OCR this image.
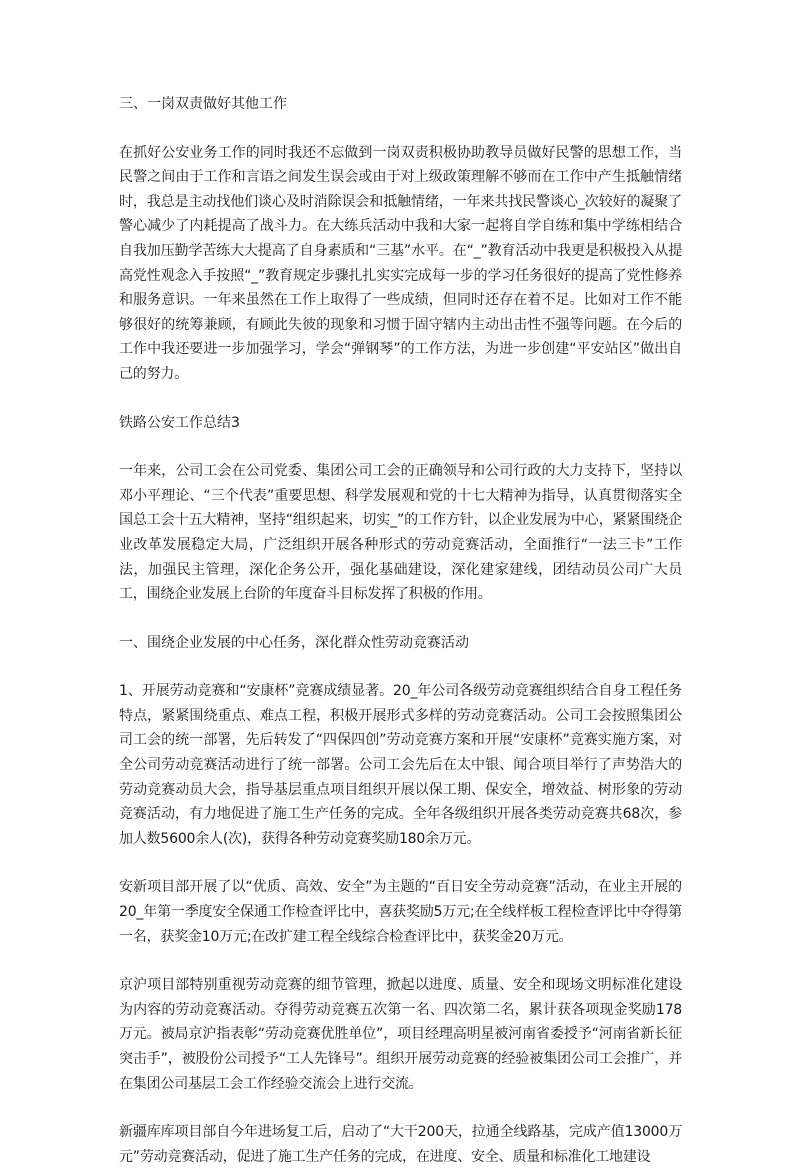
三、一岗双责做好其他工作

在抓好公安业务工作的同时我还不忘做到一岗双责积极协助教导员做好民警的思想工作，当民警之间由于工作和言语之间发生误会或由于对上级政策理解不够而在工作中产生抵触情绪时，我总是主动找他们谈心及时消除误会和抵触情绪，一年来共找民警谈心_次较好的凝聚了警心减少了内耗提高了战斗力。在大练兵活动中我和大家一起将自学自练和集中学练相结合自我加压勤学苦练大大提高了自身素质和“三基”水平。在“_”教育活动中我更是积极投入从提高党性观念入手按照“_”教育规定步骤扎扎实实完成每一步的学习任务很好的提高了党性修养和服务意识。一年来虽然在工作上取得了一些成绩，但同时还存在着不足。比如对工作不能够很好的统筹兼顾，有顾此失彼的现象和习惯于固守辖内主动出击性不强等问题。在今后的工作中我还要进一步加强学习，学会“弹钢琴”的工作方法，为进一步创建“平安站区”做出自己的努力。

铁路公安工作总结3

一年来，公司工会在公司党委、集团公司工会的正确领导和公司行政的大力支持下，坚持以邓小平理论、“三个代表”重要思想、科学发展观和党的十七大精神为指导，认真贯彻落实全国总工会十五大精神，坚持“组织起来，切实_”的工作方针，以企业发展为中心，紧紧围绕企业改革发展稳定大局，广泛组织开展各种形式的劳动竞赛活动，全面推行“一法三卡”工作法，加强民主管理，深化企务公开，强化基础建设，深化建家建线，团结动员公司广大员工，围绕企业发展上台阶的年度奋斗目标发挥了积极的作用。

一、围绕企业发展的中心任务，深化群众性劳动竞赛活动

1、开展劳动竞赛和“安康杯”竞赛成绩显著。20_年公司各级劳动竞赛组织结合自身工程任务特点，紧紧围绕重点、难点工程，积极开展形式多样的劳动竞赛活动。公司工会按照集团公司工会的统一部署，先后转发了“四保四创”劳动竞赛方案和开展“安康杯”竞赛实施方案，对全公司劳动竞赛活动进行了统一部署。公司工会先后在太中银、闻合项目举行了声势浩大的劳动竞赛动员大会，指导基层重点项目组织开展以保工期、保安全，增效益、树形象的劳动竞赛活动，有力地促进了施工生产任务的完成。全年各级组织开展各类劳动竞赛共68次，参加人数5600余人(次)，获得各种劳动竞赛奖励180余万元。

安新项目部开展了以“优质、高效、安全”为主题的“百日安全劳动竞赛”活动，在业主开展的20_年第一季度安全保通工作检查评比中，喜获奖励5万元;在全线样板工程检查评比中夺得第一名，获奖金10万元;在改扩建工程全线综合检查评比中，获奖金20万元。

京沪项目部特别重视劳动竞赛的细节管理，掀起以进度、质量、安全和现场文明标准化建设为内容的劳动竞赛活动。夺得劳动竞赛五次第一名、四次第二名，累计获各项现金奖励178万元。被局京沪指表彰“劳动竞赛优胜单位”，项目经理高明星被河南省委授予“河南省新长征突击手”，被股份公司授予“工人先锋号”。组织开展劳动竞赛的经验被集团公司工会推广，并在集团公司基层工会工作经验交流会上进行交流。

新疆库库项目部自今年进场复工后，启动了“大干200天，拉通全线路基，完成产值13000万元”劳动竞赛活动，促进了施工生产任务的完成，在进度、安全、质量和标准化工地建设
